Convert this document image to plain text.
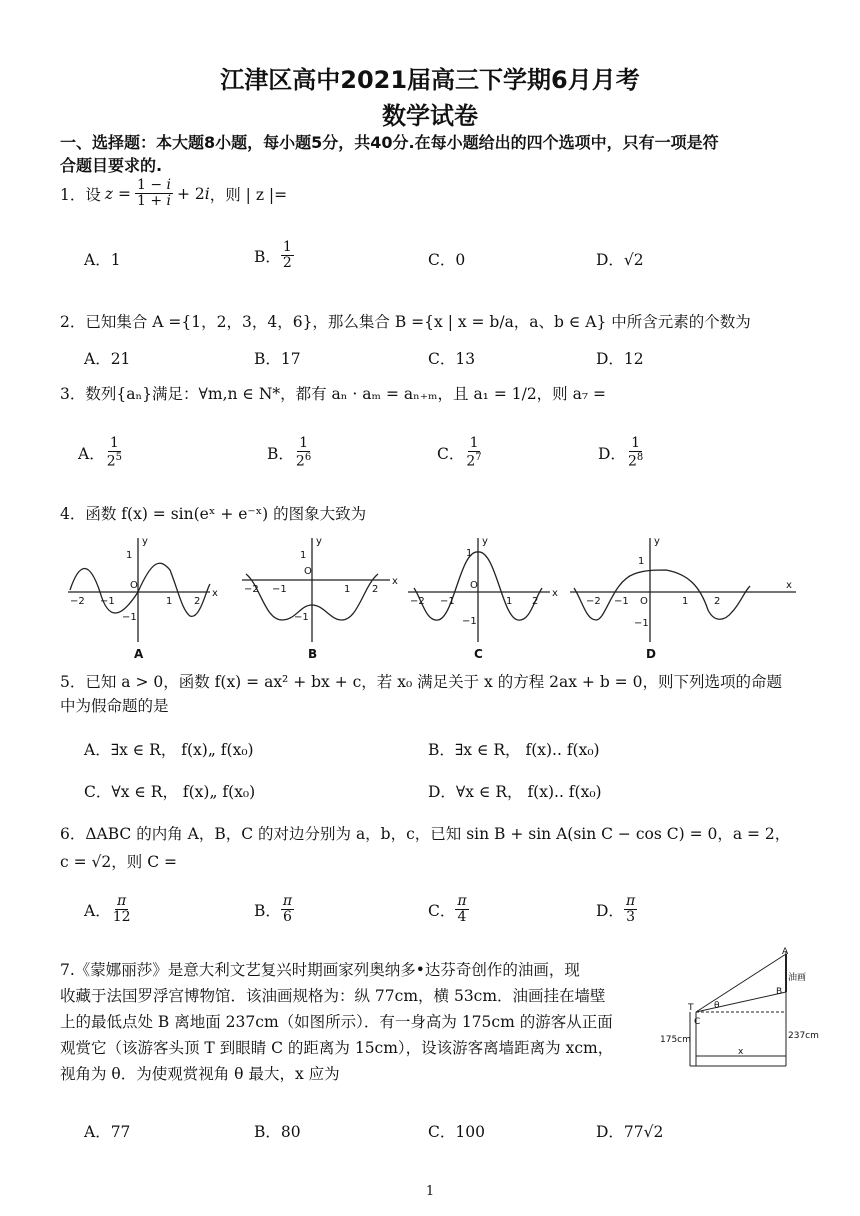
江津区高中2021届高三下学期6月月考
数学试卷
一、选择题：本大题8小题，每小题5分，共40分.在每小题给出的四个选项中，只有一项是符
合题目要求的.
1．设 $z = \frac{1 - i}{1 + i} + 2i$ ，则 | z |=
A．1	B． $\frac{1}{2}$	C．0	D．√2
2．已知集合 A ={1，2，3，4，6}，那么集合 B ={x | x = b/a，a、b ∈ A} 中所含元素的个数为
A．21	B．17	C．13	D．12
3．数列{aₙ}满足：∀m,n ∈ N*，都有 aₙ · aₘ = aₙ₊ₘ，且 a₁ = 1/2，则 a₇ =
A． $\frac{1}{2^5}$	B． $\frac{1}{2^6}$	C． $\frac{1}{2^7}$	D． $\frac{1}{2^8}$
4．函数 f(x) = sin(eˣ + e⁻ˣ) 的图象大致为
−2 −1
O
1 2
1
−1
x
y
−2 −1
O
1 2
1
−1
x
y
−2 −1
O
1 2
1
−1
x
y
−2 −1 O	1	2
1
−1
x
y
A	B	C	D
5．已知 a > 0，函数 f(x) = ax² + bx + c，若 x₀ 满足关于 x 的方程 2ax + b = 0，则下列选项的命题
中为假命题的是
A．∃x ∈ R， f(x)„ f(x₀)	B．∃x ∈ R， f(x).. f(x₀)
C．∀x ∈ R， f(x)„ f(x₀)	D．∀x ∈ R， f(x).. f(x₀)
6．ΔABC 的内角 A，B，C 的对边分别为 a，b，c，已知 sin B + sin A(sin C − cos C) = 0，a = 2，
c = √2，则 C =
A． $\frac{\pi}{12}$	B． $\frac{\pi}{6}$	C． $\frac{\pi}{4}$	D． $\frac{\pi}{3}$
7.《蒙娜丽莎》是意大利文艺复兴时期画家列奥纳多•达芬奇创作的油画，现
收藏于法国罗浮宫博物馆．该油画规格为：纵 77cm，横 53cm．油画挂在墙壁
上的最低点处 B 离地面 237cm（如图所示）．有一身高为 175cm 的游客从正面
观赏它（该游客头顶 T 到眼睛 C 的距离为 15cm），设该游客离墙距离为 xcm，
视角为 θ．为使观赏视角 θ 最大，x 应为
A
B
T
C
θ
油画
175cm	237cm
x
A．77	B．80	C．100	D．77√2
1
